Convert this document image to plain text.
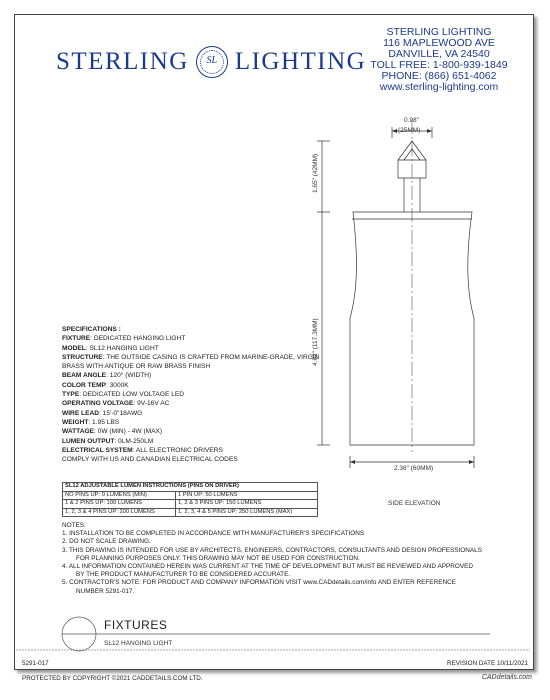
STERLING	SL LIGHTING
STERLING LIGHTING
116 MAPLEWOOD AVE
DANVILLE, VA 24540
TOLL FREE: 1-800-939-1849
PHONE: (866) 651-4062
www.sterling-lighting.com
0.98"
(25MM)
1.65" (42MM)
4.62" (117.3MM)
2.36" (60MM)
SIDE ELEVATION
SPECIFICATIONS :
FIXTURE: DEDICATED HANGING LIGHT
MODEL: SL12 HANGING LIGHT
STRUCTURE: THE OUTSIDE CASING IS CRAFTED FROM MARINE-GRADE, VIRGIN BRASS WITH ANTIQUE OR RAW BRASS FINISH
BEAM ANGLE: 120° (WIDTH)
COLOR TEMP: 3000K
TYPE: DEDICATED LOW VOLTAGE LED
OPERATING VOLTAGE: 9V-16V AC
WIRE LEAD: 15'-0"18AWG
WEIGHT: 1.95 LBS
WATTAGE: 0W (MIN) - 4W (MAX)
LUMEN OUTPUT: 0LM-250LM
ELECTRICAL SYSTEM: ALL ELECTRONIC DRIVERS
COMPLY WITH US AND CANADIAN ELECTRICAL CODES
SL12 ADJUSTABLE LUMEN INSTRUCTIONS (PINS ON DRIVER)	
NO PINS UP: 0 LUMENS (MIN)	1 PIN UP: 50 LUMENS
1 & 2 PINS UP: 100 LUMENS	1, 2 & 3 PINS UP: 150 LUMENS
1, 2, 3 & 4 PINS UP: 200 LUMENS	1, 2, 3, 4 & 5 PINS UP: 250 LUMENS (MAX)
NOTES:
1. INSTALLATION TO BE COMPLETED IN ACCORDANCE WITH MANUFACTURER'S SPECIFICATIONS
2. DO NOT SCALE DRAWING.
3. THIS DRAWING IS INTENDED FOR USE BY ARCHITECTS, ENGINEERS, CONTRACTORS, CONSULTANTS AND DESIGN PROFESSIONALS FOR PLANNING PURPOSES ONLY. THIS DRAWING MAY NOT BE USED FOR CONSTRUCTION.
4. ALL INFORMATION CONTAINED HEREIN WAS CURRENT AT THE TIME OF DEVELOPMENT BUT MUST BE REVIEWED AND APPROVED BY THE PRODUCT MANUFACTURER TO BE CONSIDERED ACCURATE.
5. CONTRACTOR'S NOTE: FOR PRODUCT AND COMPANY INFORMATION VISIT www.CADdetails.com/info AND ENTER REFERENCE NUMBER 5291-017.
FIXTURES
SL12 HANGING LIGHT
5291-017	REVISION DATE 10/11/2021
PROTECTED BY COPYRIGHT ©2021 CADDETAILS.COM LTD.	CADdetails.com
